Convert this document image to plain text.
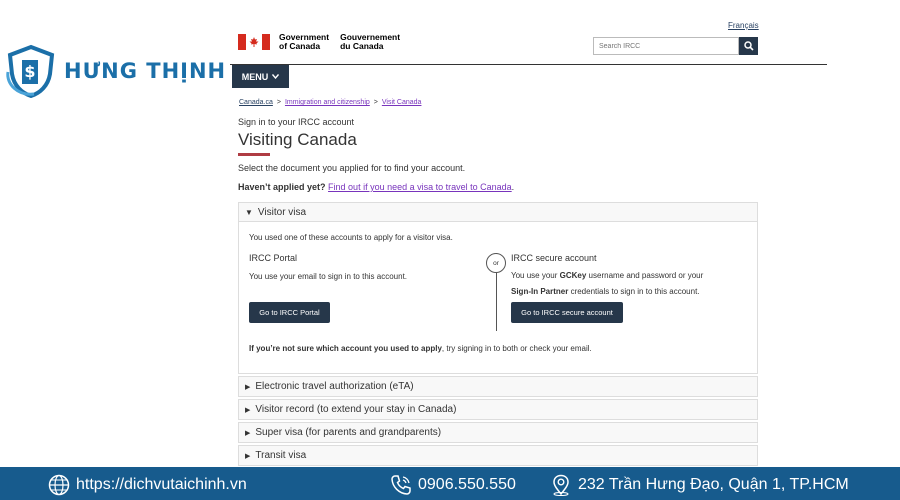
$ HƯNG THỊNH
Français
Government
of Canada
Gouvernement
du Canada
Search IRCC
MENU
Canada.ca > Immigration and citizenship > Visit Canada
Sign in to your IRCC account
Visiting Canada
Select the document you applied for to find your account.
Haven’t applied yet? Find out if you need a visa to travel to Canada.
▼ Visitor visa
You used one of these accounts to apply for a visitor visa.
IRCC Portal
You use your email to sign in to this account.
Go to IRCC Portal
or	IRCC secure account
You use your GCKey username and password or your
Sign-In Partner credentials to sign in to this account.
Go to IRCC secure account
If you’re not sure which account you used to apply, try signing in to both or check your email.
▶ Electronic travel authorization (eTA)
▶ Visitor record (to extend your stay in Canada)
▶ Super visa (for parents and grandparents)
▶ Transit visa
https://dichvutaichinh.vn	0906.550.550	232 Trần Hưng Đạo, Quận 1, TP.HCM
